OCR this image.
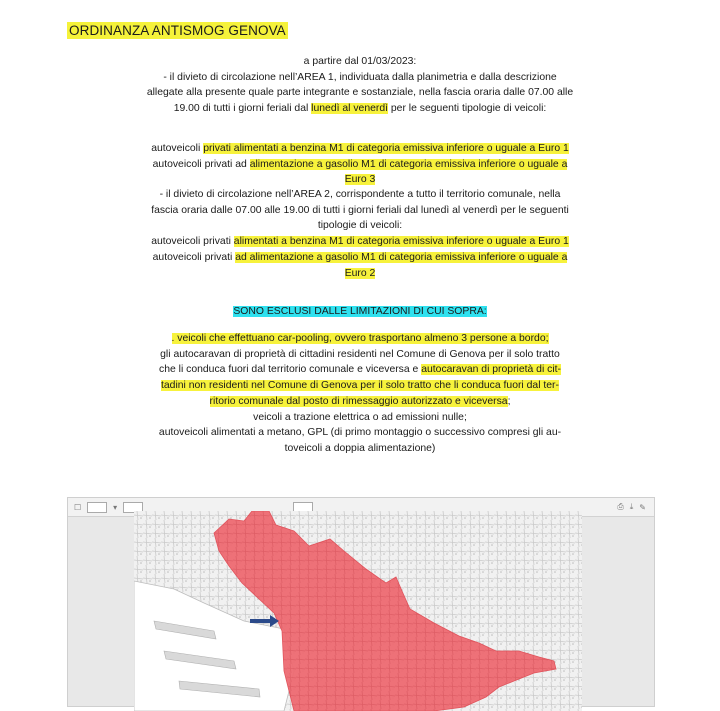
ORDINANZA ANTISMOG GENOVA

a partire dal 01/03/2023:

- il divieto di circolazione nell’AREA 1, individuata dalla planimetria e dalla descrizione

allegate alla presente quale parte integrante e sostanziale, nella fascia oraria dalle 07.00 alle

19.00 di tutti i giorni feriali dal lunedì al venerdì per le seguenti tipologie di veicoli:

autoveicoli privati alimentati a benzina M1 di categoria emissiva inferiore o uguale a Euro 1

autoveicoli privati ad alimentazione a gasolio M1 di categoria emissiva inferiore o uguale a

Euro 3

- il divieto di circolazione nell’AREA 2, corrispondente a tutto il territorio comunale, nella

fascia oraria dalle 07.00 alle 19.00 di tutti i giorni feriali dal lunedì al venerdì per le seguenti

tipologie di veicoli:

autoveicoli privati alimentati a benzina M1 di categoria emissiva inferiore o uguale a Euro 1

autoveicoli privati ad alimentazione a gasolio M1 di categoria emissiva inferiore o uguale a

Euro 2

SONO ESCLUSI DALLE LIMITAZIONI DI CUI SOPRA:

. veicoli che effettuano car-pooling, ovvero trasportano almeno 3 persone a bordo;

gli autocaravan di proprietà di cittadini residenti nel Comune di Genova per il solo tratto

che li conduca fuori dal territorio comunale e viceversa e autocaravan di proprietà di cit-

tadini non residenti nel Comune di Genova per il solo tratto che li conduca fuori dal ter-

ritorio comunale dal posto di rimessaggio autorizzato e viceversa;

veicoli a trazione elettrica o ad emissioni nulle;

autoveicoli alimentati a metano, GPL (di primo montaggio o successivo compresi gli au-

toveicoli a doppia alimentazione)

☐	▾	⎙ ⤓ ✎
